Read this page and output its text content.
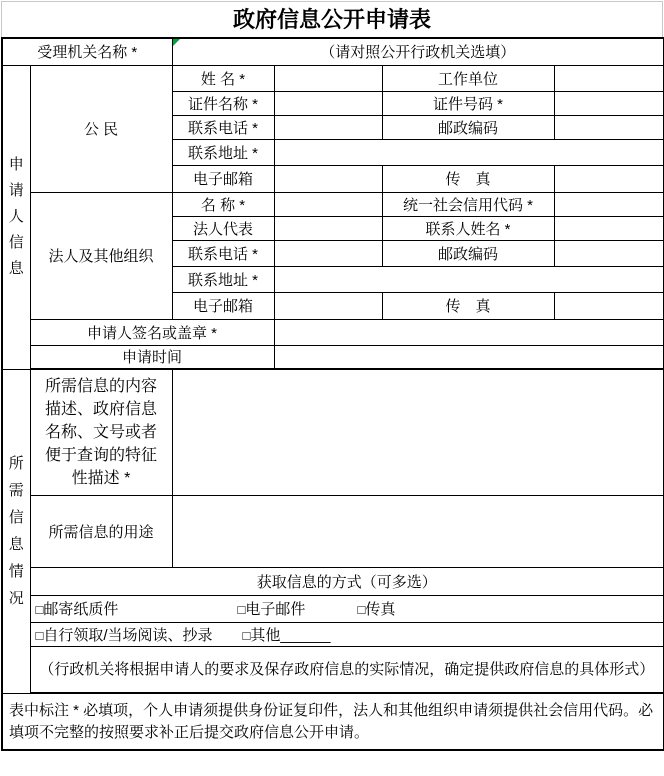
政府信息公开申请表
受理机关名称 *		（请对照公开行政机关选填）			
申请人信息	公 民	姓 名 *		工作单位	
		证件名称 *		证件号码 *	
		联系电话 *		邮政编码	
		联系地址 *			
		电子邮箱		传　真	
	法人及其他组织	名 称 *		统一社会信用代码 *	
		法人代表		联系人姓名 *	
		联系电话 *		邮政编码	
		联系地址 *			
		电子邮箱		传　真	
	申请人签名或盖章 *				
	申请时间				
所需信息情况	所需信息的内容描述、政府信息名称、文号或者便于查询的特征性描述 *				
	所需信息的用途				
	获取信息的方式（可多选）				
	□邮寄纸质件 □电子邮件 □传真				
	□自行领取/当场阅读、抄录 □其他______				
	（行政机关将根据申请人的要求及保存政府信息的实际情况，确定提供政府信息的具体形式）				
表中标注 * 必填项，个人申请须提供身份证复印件，法人和其他组织申请须提供社会信用代码。必填项不完整的按照要求补正后提交政府信息公开申请。					
